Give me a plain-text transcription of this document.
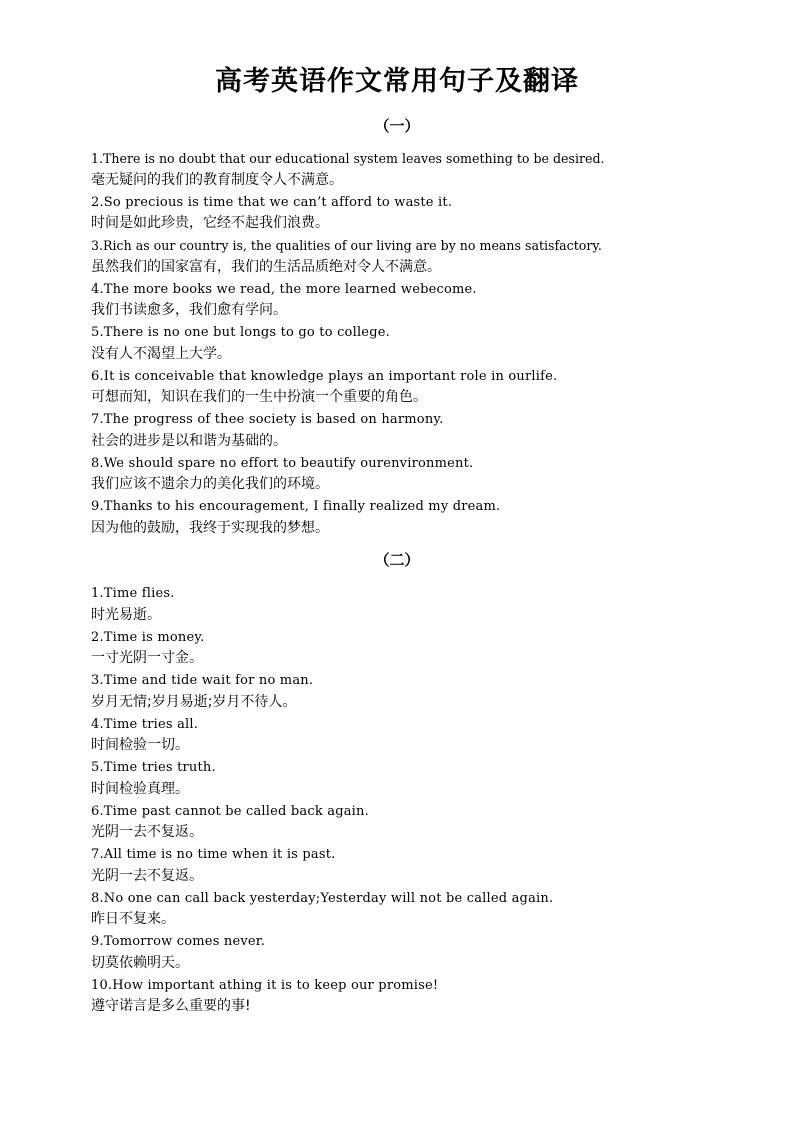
高考英语作文常用句子及翻译
（一）
1.There is no doubt that our educational system leaves something to be desired.
毫无疑问的我们的教育制度令人不满意。
2.So precious is time that we can’t afford to waste it.
时间是如此珍贵，它经不起我们浪费。
3.Rich as our country is, the qualities of our living are by no means satisfactory.
虽然我们的国家富有，我们的生活品质绝对令人不满意。
4.The more books we read, the more learned webecome.
我们书读愈多，我们愈有学问。
5.There is no one but longs to go to college.
没有人不渴望上大学。
6.It is conceivable that knowledge plays an important role in ourlife.
可想而知，知识在我们的一生中扮演一个重要的角色。
7.The progress of thee society is based on harmony.
社会的进步是以和谐为基础的。
8.We should spare no effort to beautify ourenvironment.
我们应该不遗余力的美化我们的环境。
9.Thanks to his encouragement, I finally realized my dream.
因为他的鼓励，我终于实现我的梦想。
（二）
1.Time flies.
时光易逝。
2.Time is money.
一寸光阴一寸金。
3.Time and tide wait for no man.
岁月无情;岁月易逝;岁月不待人。
4.Time tries all.
时间检验一切。
5.Time tries truth.
时间检验真理。
6.Time past cannot be called back again.
光阴一去不复返。
7.All time is no time when it is past.
光阴一去不复返。
8.No one can call back yesterday;Yesterday will not be called again.
昨日不复来。
9.Tomorrow comes never.
切莫依赖明天。
10.How important athing it is to keep our promise!
遵守诺言是多么重要的事!
